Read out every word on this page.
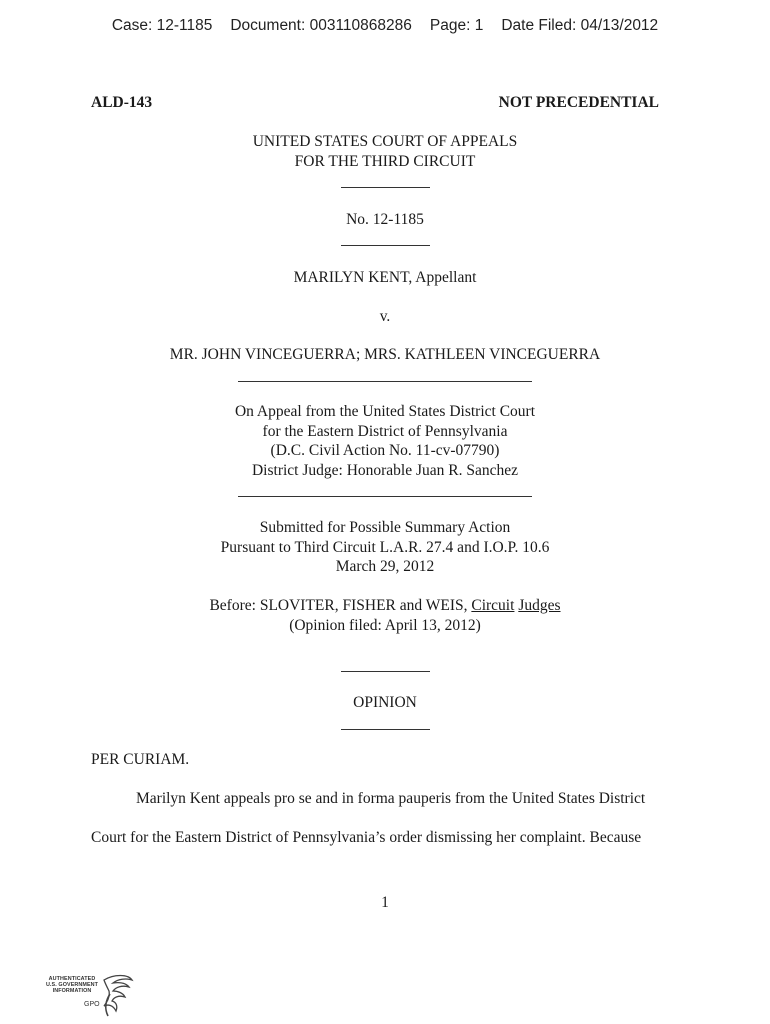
Case: 12-1185 Document: 003110868286 Page: 1 Date Filed: 04/13/2012
ALD-143	NOT PRECEDENTIAL
UNITED STATES COURT OF APPEALS
FOR THE THIRD CIRCUIT
No. 12-1185
MARILYN KENT, Appellant
v.
MR. JOHN VINCEGUERRA; MRS. KATHLEEN VINCEGUERRA
On Appeal from the United States District Court
for the Eastern District of Pennsylvania
(D.C. Civil Action No. 11-cv-07790)
District Judge: Honorable Juan R. Sanchez
Submitted for Possible Summary Action
Pursuant to Third Circuit L.A.R. 27.4 and I.O.P. 10.6
March 29, 2012
Before: SLOVITER, FISHER and WEIS, Circuit Judges
(Opinion filed: April 13, 2012)
OPINION
PER CURIAM.
Marilyn Kent appeals pro se and in forma pauperis from the United States District
Court for the Eastern District of Pennsylvania’s order dismissing her complaint. Because
1
AUTHENTICATED
U.S. GOVERNMENT
INFORMATION
GPO
